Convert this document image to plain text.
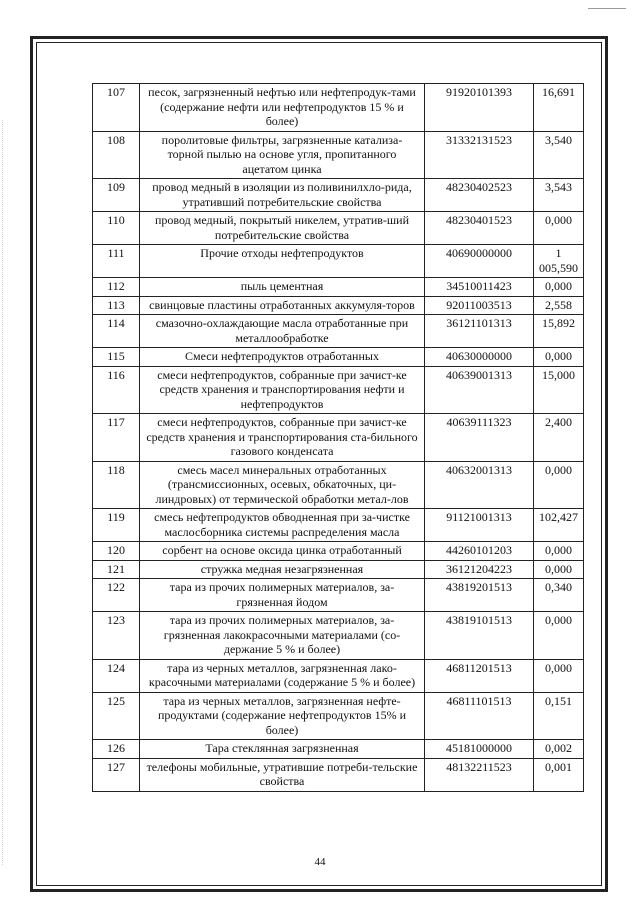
107	песок, загрязненный нефтью или нефтепродук-тами (содержание нефти или нефтепродуктов 15 % и более)	91920101393	16,691
108	поролитовые фильтры, загрязненные катализа-торной пылью на основе угля, пропитанного ацетатом цинка	31332131523	3,540
109	провод медный в изоляции из поливинилхло-рида, утративший потребительские свойства	48230402523	3,543
110	провод медный, покрытый никелем, утратив-ший потребительские свойства	48230401523	0,000
111	Прочие отходы нефтепродуктов	40690000000	1 005,590
112	пыль цементная	34510011423	0,000
113	свинцовые пластины отработанных аккумуля-торов	92011003513	2,558
114	смазочно-охлаждающие масла отработанные при металлообработке	36121101313	15,892
115	Смеси нефтепродуктов отработанных	40630000000	0,000
116	смеси нефтепродуктов, собранные при зачист-ке средств хранения и транспортирования нефти и нефтепродуктов	40639001313	15,000
117	смеси нефтепродуктов, собранные при зачист-ке средств хранения и транспортирования ста-бильного газового конденсата	40639111323	2,400
118	смесь масел минеральных отработанных (трансмиссионных, осевых, обкаточных, ци-линдровых) от термической обработки метал-лов	40632001313	0,000
119	смесь нефтепродуктов обводненная при за-чистке маслосборника системы распределения масла	91121001313	102,427
120	сорбент на основе оксида цинка отработанный	44260101203	0,000
121	стружка медная незагрязненная	36121204223	0,000
122	тара из прочих полимерных материалов, за-грязненная йодом	43819201513	0,340
123	тара из прочих полимерных материалов, за-грязненная лакокрасочными материалами (со-держание 5 % и более)	43819101513	0,000
124	тара из черных металлов, загрязненная лако-красочными материалами (содержание 5 % и более)	46811201513	0,000
125	тара из черных металлов, загрязненная нефте-продуктами (содержание нефтепродуктов 15% и более)	46811101513	0,151
126	Тара стеклянная загрязненная	45181000000	0,002
127	телефоны мобильные, утратившие потреби-тельские свойства	48132211523	0,001
44
